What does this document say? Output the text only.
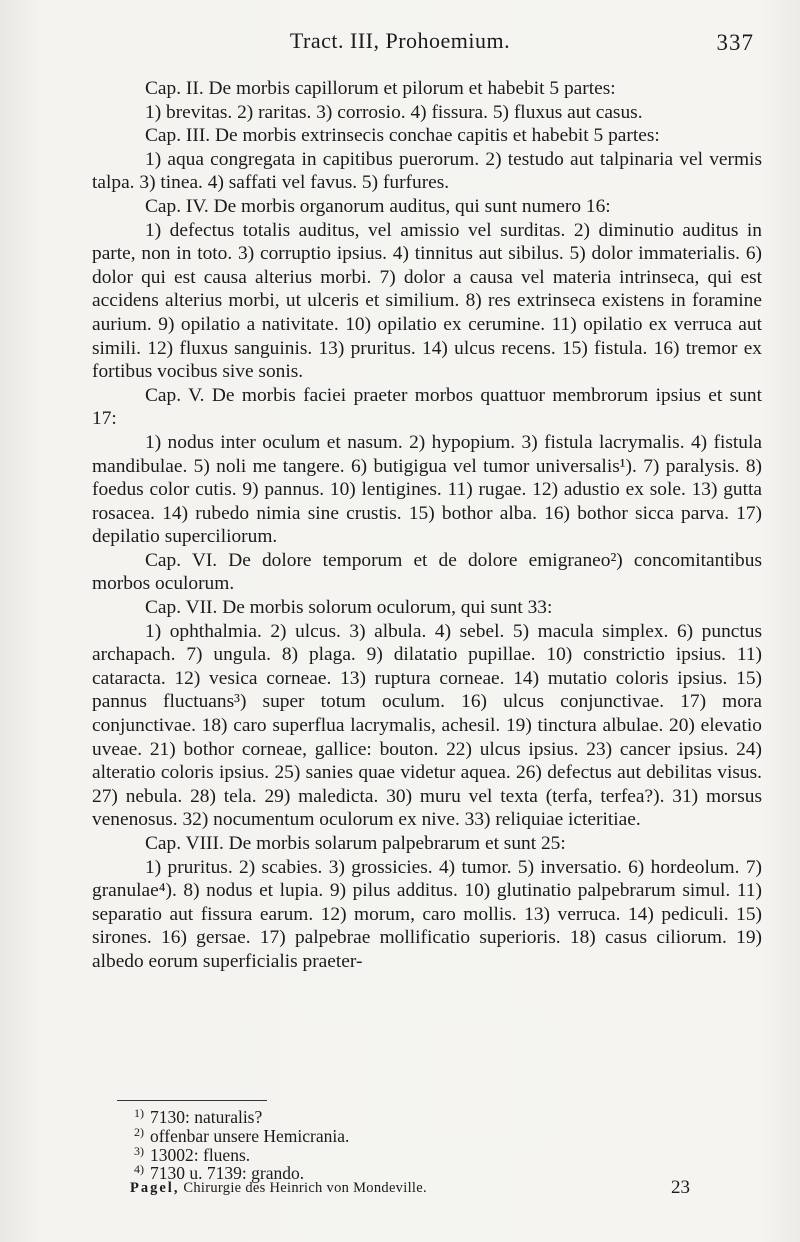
Tract. III, Prohoemium.	337

Cap. II. De morbis capillorum et pilorum et habebit 5 partes:

1) brevitas. 2) raritas. 3) corrosio. 4) fissura. 5) fluxus aut casus.

Cap. III. De morbis extrinsecis conchae capitis et habebit 5 partes:

1) aqua congregata in capitibus puerorum. 2) testudo aut talpinaria vel vermis talpa. 3) tinea. 4) saffati vel favus. 5) furfures.

Cap. IV. De morbis organorum auditus, qui sunt numero 16:

1) defectus totalis auditus, vel amissio vel surditas. 2) diminutio auditus in parte, non in toto. 3) corruptio ipsius. 4) tinnitus aut sibilus. 5) dolor immaterialis. 6) dolor qui est causa alterius morbi. 7) dolor a causa vel materia intrinseca, qui est accidens alterius morbi, ut ulceris et similium. 8) res extrinseca existens in foramine aurium. 9) opilatio a nativitate. 10) opilatio ex cerumine. 11) opilatio ex verruca aut simili. 12) fluxus sanguinis. 13) pruritus. 14) ulcus recens. 15) fistula. 16) tremor ex fortibus vocibus sive sonis.

Cap. V. De morbis faciei praeter morbos quattuor membrorum ipsius et sunt 17:

1) nodus inter oculum et nasum. 2) hypopium. 3) fistula lacrymalis. 4) fistula mandibulae. 5) noli me tangere. 6) butigigua vel tumor universalis¹). 7) paralysis. 8) foedus color cutis. 9) pannus. 10) lentigines. 11) rugae. 12) adustio ex sole. 13) gutta rosacea. 14) rubedo nimia sine crustis. 15) bothor alba. 16) bothor sicca parva. 17) depilatio superciliorum.

Cap. VI. De dolore temporum et de dolore emigraneo²) concomitantibus morbos oculorum.

Cap. VII. De morbis solorum oculorum, qui sunt 33:

1) ophthalmia. 2) ulcus. 3) albula. 4) sebel. 5) macula simplex. 6) punctus archapach. 7) ungula. 8) plaga. 9) dilatatio pupillae. 10) constrictio ipsius. 11) cataracta. 12) vesica corneae. 13) ruptura corneae. 14) mutatio coloris ipsius. 15) pannus fluctuans³) super totum oculum. 16) ulcus conjunctivae. 17) mora conjunctivae. 18) caro superflua lacrymalis, achesil. 19) tinctura albulae. 20) elevatio uveae. 21) bothor corneae, gallice: bouton. 22) ulcus ipsius. 23) cancer ipsius. 24) alteratio coloris ipsius. 25) sanies quae videtur aquea. 26) defectus aut debilitas visus. 27) nebula. 28) tela. 29) maledicta. 30) muru vel texta (terfa, terfea?). 31) morsus venenosus. 32) nocumentum oculorum ex nive. 33) reliquiae icteritiae.

Cap. VIII. De morbis solarum palpebrarum et sunt 25:

1) pruritus. 2) scabies. 3) grossicies. 4) tumor. 5) inversatio. 6) hordeolum. 7) granulae⁴). 8) nodus et lupia. 9) pilus additus. 10) glutinatio palpebrarum simul. 11) separatio aut fissura earum. 12) morum, caro mollis. 13) verruca. 14) pediculi. 15) sirones. 16) gersae. 17) palpebrae mollificatio superioris. 18) casus ciliorum. 19) albedo eorum superficialis praeter-

1) 7130: naturalis?
2) offenbar unsere Hemicrania.
3) 13002: fluens.
4) 7130 u. 7139: grando.
Pagel, Chirurgie des Heinrich von Mondeville.	23
